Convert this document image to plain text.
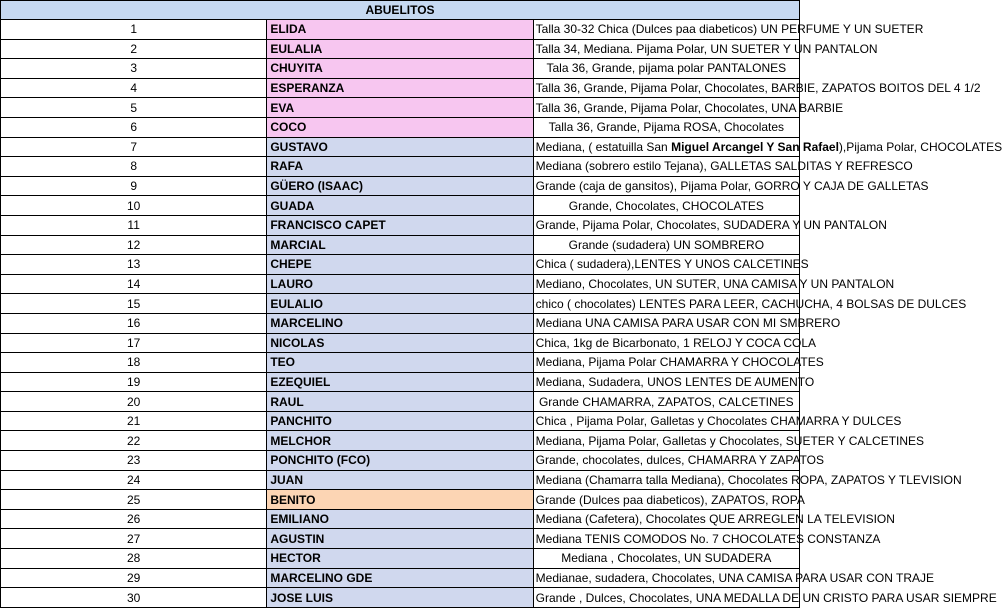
ABUELITOS		
1	ELIDA	Talla 30-32 Chica (Dulces paa diabeticos) UN PERFUME Y UN SUETER
2	EULALIA	Talla 34, Mediana. Pijama Polar, UN SUETER Y UN PANTALON
3	CHUYITA	Tala 36, Grande, pijama polar PANTALONES
4	ESPERANZA	Talla 36, Grande, Pijama Polar, Chocolates, BARBIE, ZAPATOS BOITOS DEL 4 1/2
5	EVA	Talla 36, Grande, Pijama Polar, Chocolates, UNA BARBIE
6	COCO	Talla 36, Grande, Pijama ROSA, Chocolates
7	GUSTAVO	Mediana, ( estatuilla San Miguel Arcangel Y San Rafael),Pijama Polar, CHOCOLATES
8	RAFA	Mediana (sobrero estilo Tejana), GALLETAS SALDITAS Y REFRESCO
9	GÜERO (ISAAC)	Grande (caja de gansitos), Pijama Polar, GORRO Y CAJA DE GALLETAS
10	GUADA	Grande, Chocolates, CHOCOLATES
11	FRANCISCO CAPET	Grande, Pijama Polar, Chocolates, SUDADERA Y UN PANTALON
12	MARCIAL	Grande (sudadera) UN SOMBRERO
13	CHEPE	Chica ( sudadera),LENTES Y UNOS CALCETINES
14	LAURO	Mediano, Chocolates, UN SUTER, UNA CAMISA Y UN PANTALON
15	EULALIO	chico ( chocolates) LENTES PARA LEER, CACHUCHA, 4 BOLSAS DE DULCES
16	MARCELINO	Mediana UNA CAMISA PARA USAR CON MI SMBRERO
17	NICOLAS	Chica, 1kg de Bicarbonato, 1 RELOJ Y COCA COLA
18	TEO	Mediana, Pijama Polar CHAMARRA Y CHOCOLATES
19	EZEQUIEL	Mediana, Sudadera, UNOS LENTES DE AUMENTO
20	RAUL	Grande CHAMARRA, ZAPATOS, CALCETINES
21	PANCHITO	Chica , Pijama Polar, Galletas y Chocolates CHAMARRA Y DULCES
22	MELCHOR	Mediana, Pijama Polar, Galletas y Chocolates, SUETER Y CALCETINES
23	PONCHITO (FCO)	Grande, chocolates, dulces, CHAMARRA Y ZAPATOS
24	JUAN	Mediana (Chamarra talla Mediana), Chocolates ROPA, ZAPATOS Y TLEVISION
25	BENITO	Grande (Dulces paa diabeticos), ZAPATOS, ROPA
26	EMILIANO	Mediana (Cafetera), Chocolates QUE ARREGLEN LA TELEVISION
27	AGUSTIN	Mediana TENIS COMODOS No. 7 CHOCOLATES CONSTANZA
28	HECTOR	Mediana , Chocolates, UN SUDADERA
29	MARCELINO GDE	Medianae, sudadera, Chocolates, UNA CAMISA PARA USAR CON TRAJE
30	JOSE LUIS	Grande , Dulces, Chocolates, UNA MEDALLA DE UN CRISTO PARA USAR SIEMPRE
